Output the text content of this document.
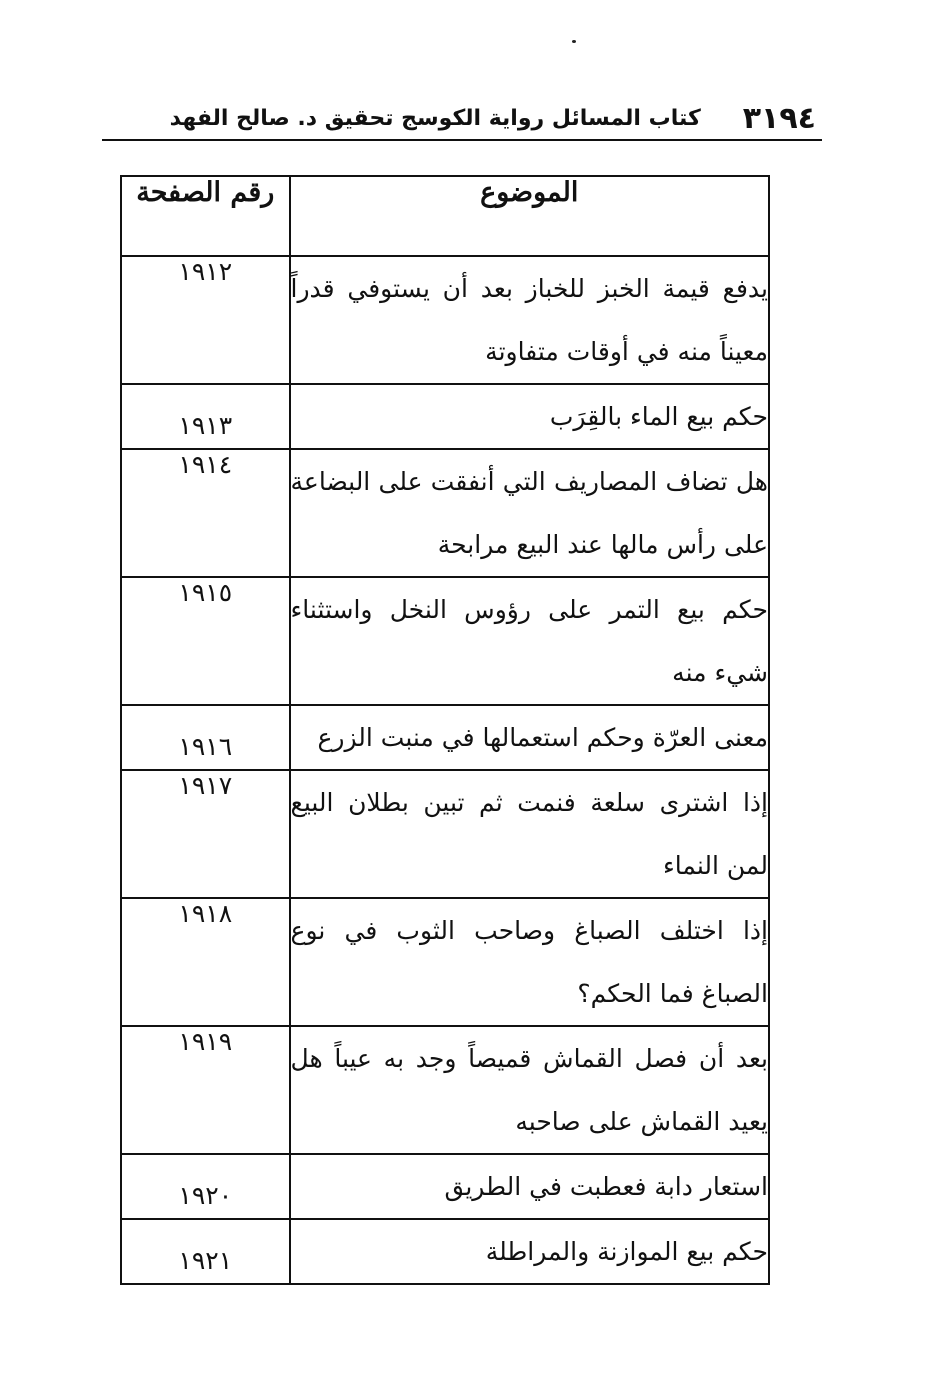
٣١٩٤
كتاب المسائل رواية الكوسج تحقيق د. صالح الفهد
الموضوع	رقم الصفحة
يدفع قيمة الخبز للخباز بعد أن يستوفي قدراً معيناً منه في أوقات متفاوتة	١٩١٢
حكم بيع الماء بالقِرَب	١٩١٣
هل تضاف المصاريف التي أنفقت على البضاعة على رأس مالها عند البيع مرابحة	١٩١٤
حكم بيع التمر على رؤوس النخل واستثناء شيء منه	١٩١٥
معنى العرّة وحكم استعمالها في منبت الزرع	١٩١٦
إذا اشترى سلعة فنمت ثم تبين بطلان البيع لمن النماء	١٩١٧
إذا اختلف الصباغ وصاحب الثوب في نوع الصباغ فما الحكم؟	١٩١٨
بعد أن فصل القماش قميصاً وجد به عيباً هل يعيد القماش على صاحبه	١٩١٩
استعار دابة فعطبت في الطريق	١٩٢٠
حكم بيع الموازنة والمراطلة	١٩٢١
